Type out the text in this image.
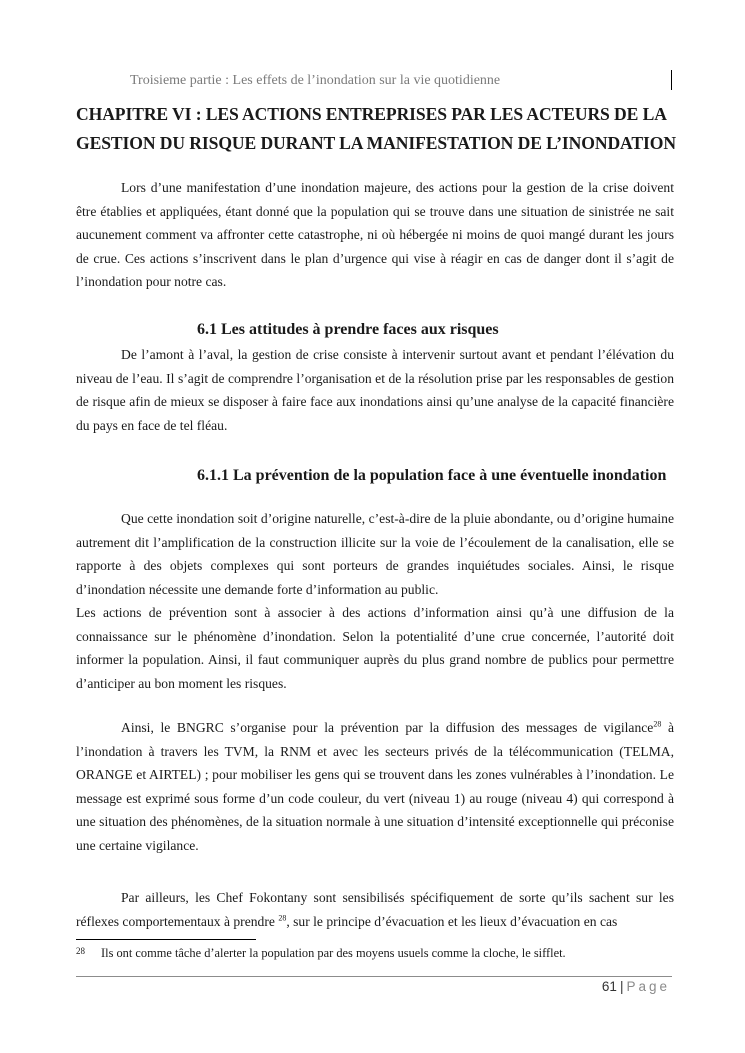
Troisieme partie : Les effets de l’inondation sur la vie quotidienne
CHAPITRE VI : LES ACTIONS ENTREPRISES PAR LES ACTEURS DE LA
GESTION DU RISQUE DURANT LA MANIFESTATION DE L’INONDATION

Lors d’une manifestation d’une inondation majeure, des actions pour la gestion de la crise doivent être établies et appliquées, étant donné que la population qui se trouve dans une situation de sinistrée ne sait aucunement comment va affronter cette catastrophe, ni où hébergée ni moins de quoi mangé durant les jours de crue. Ces actions s’inscrivent dans le plan d’urgence qui vise à réagir en cas de danger dont il s’agit de l’inondation pour notre cas.

6.1 Les attitudes à prendre faces aux risques

De l’amont à l’aval, la gestion de crise consiste à intervenir surtout avant et pendant l’élévation du niveau de l’eau. Il s’agit de comprendre l’organisation et de la résolution prise par les responsables de gestion de risque afin de mieux se disposer à faire face aux inondations ainsi qu’une analyse de la capacité financière du pays en face de tel fléau.

6.1.1 La prévention de la population face à une éventuelle inondation

Que cette inondation soit d’origine naturelle, c’est-à-dire de la pluie abondante, ou d’origine humaine autrement dit l’amplification de la construction illicite sur la voie de l’écoulement de la canalisation, elle se rapporte à des objets complexes qui sont porteurs de grandes inquiétudes sociales. Ainsi, le risque d’inondation nécessite une demande forte d’information au public.

Les actions de prévention sont à associer à des actions d’information ainsi qu’à une diffusion de la connaissance sur le phénomène d’inondation. Selon la potentialité d’une crue concernée, l’autorité doit informer la population. Ainsi, il faut communiquer auprès du plus grand nombre de publics pour permettre d’anticiper au bon moment les risques.

Ainsi, le BNGRC s’organise pour la prévention par la diffusion des messages de vigilance$^{28}$ à l’inondation à travers les TVM, la RNM et avec les secteurs privés de la télécommunication (TELMA, ORANGE et AIRTEL) ; pour mobiliser les gens qui se trouvent dans les zones vulnérables à l’inondation. Le message est exprimé sous forme d’un code couleur, du vert (niveau 1) au rouge (niveau 4) qui correspond à une situation des phénomènes, de la situation normale à une situation d’intensité exceptionnelle qui préconise une certaine vigilance.

Par ailleurs, les Chef Fokontany sont sensibilisés spécifiquement de sorte qu’ils sachent sur les réflexes comportementaux à prendre $^{28}$, sur le principe d’évacuation et les lieux d’évacuation en cas

$^{28}$ Ils ont comme tâche d’alerter la population par des moyens usuels comme la cloche, le sifflet.
61 | Page
